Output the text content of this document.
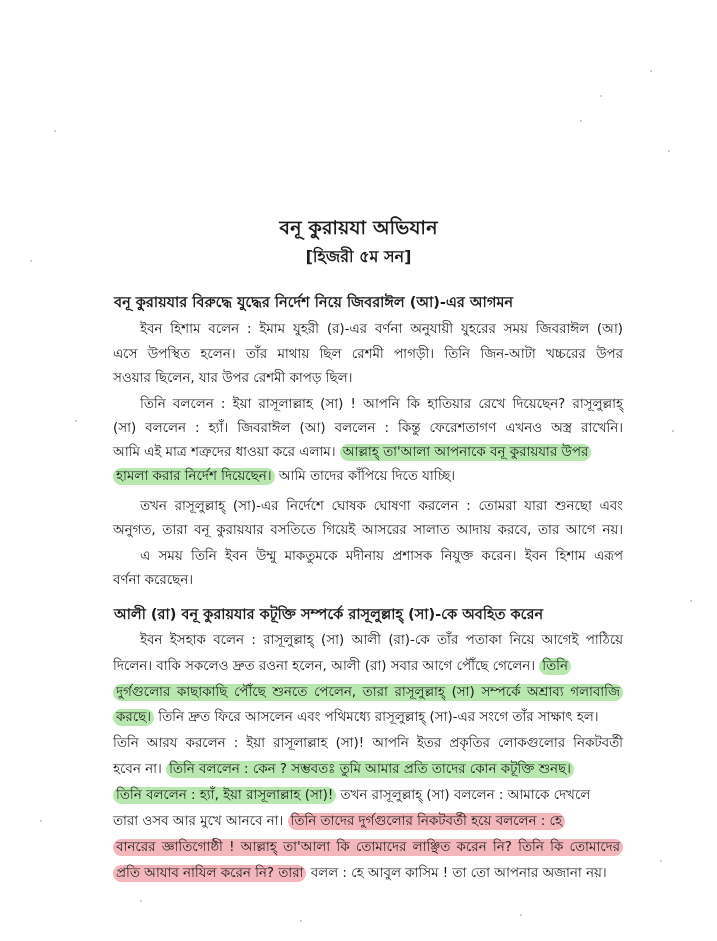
বনূ কুরায়যা অভিযান
[হিজরী ৫ম সন]
বনূ কুরায়যার বিরুদ্ধে যুদ্ধের নির্দেশ নিয়ে জিবরাঈল (আ)-এর আগমন
ইবন হিশাম বলেন : ইমাম যুহরী (র)-এর বর্ণনা অনুযায়ী যুহরের সময় জিবরাঈল (আ)
এসে উপস্থিত হলেন। তাঁর মাথায় ছিল রেশমী পাগড়ী। তিনি জিন-আটা খচ্চরের উপর
সওয়ার ছিলেন, যার উপর রেশমী কাপড় ছিল।
তিনি বললেন : ইয়া রাসূলাল্লাহ (সা) ! আপনি কি হাতিয়ার রেখে দিয়েছেন? রাসূলুল্লাহ্
(সা) বললেন : হ্যাঁ। জিবরাঈল (আ) বললেন : কিন্তু ফেরেশতাগণ এখনও অস্ত্র রাখেনি।
আমি এই মাত্র শত্রুদের ধাওয়া করে এলাম। আল্লাহ্ তা'আলা আপনাকে বনূ কুরায়যার উপর
হামলা করার নির্দেশ দিয়েছেন। আমি তাদের কাঁপিয়ে দিতে যাচ্ছি।
তখন রাসূলুল্লাহ্ (সা)-এর নির্দেশে ঘোষক ঘোষণা করলেন : তোমরা যারা শুনছো এবং
অনুগত, তারা বনূ কুরায়যার বসতিতে গিয়েই আসরের সালাত আদায় করবে, তার আগে নয়।
এ সময় তিনি ইবন উম্মু মাকতুমকে মদীনায় প্রশাসক নিযুক্ত করেন। ইবন হিশাম এরূপ
বর্ণনা করেছেন।
আলী (রা) বনূ কুরায়যার কটূক্তি সম্পর্কে রাসূলুল্লাহ্ (সা)-কে অবহিত করেন
ইবন ইসহাক বলেন : রাসূলুল্লাহ্ (সা) আলী (রা)-কে তাঁর পতাকা নিয়ে আগেই পাঠিয়ে
দিলেন। বাকি সকলেও দ্রুত রওনা হলেন, আলী (রা) সবার আগে পৌঁছে গেলেন। তিনি
দুর্গগুলোর কাছাকাছি পৌঁছে শুনতে পেলেন, তারা রাসূলুল্লাহ্ (সা) সম্পর্কে অশ্রাব্য গলাবাজি
করছে। তিনি দ্রুত ফিরে আসলেন এবং পথিমধ্যে রাসূলুল্লাহ্ (সা)-এর সংগে তাঁর সাক্ষাৎ হল।
তিনি আরয করলেন : ইয়া রাসূলাল্লাহ (সা)! আপনি ইতর প্রকৃতির লোকগুলোর নিকটবর্তী
হবেন না। তিনি বললেন : কেন ? সম্ভবতঃ তুমি আমার প্রতি তাদের কোন কটূক্তি শুনছ।
তিনি বললেন : হ্যাঁ, ইয়া রাসূলাল্লাহ (সা)! তখন রাসূলুল্লাহ্ (সা) বললেন : আমাকে দেখলে
তারা ওসব আর মুখে আনবে না। তিনি তাদের দুর্গগুলোর নিকটবর্তী হয়ে বললেন : হে
বানরের জ্ঞাতিগোষ্ঠী ! আল্লাহ্ তা'আলা কি তোমাদের লাঞ্ছিত করেন নি? তিনি কি তোমাদের
প্রতি আযাব নাযিল করেন নি? তারা বলল : হে আবুল কাসিম ! তা তো আপনার অজানা নয়।
